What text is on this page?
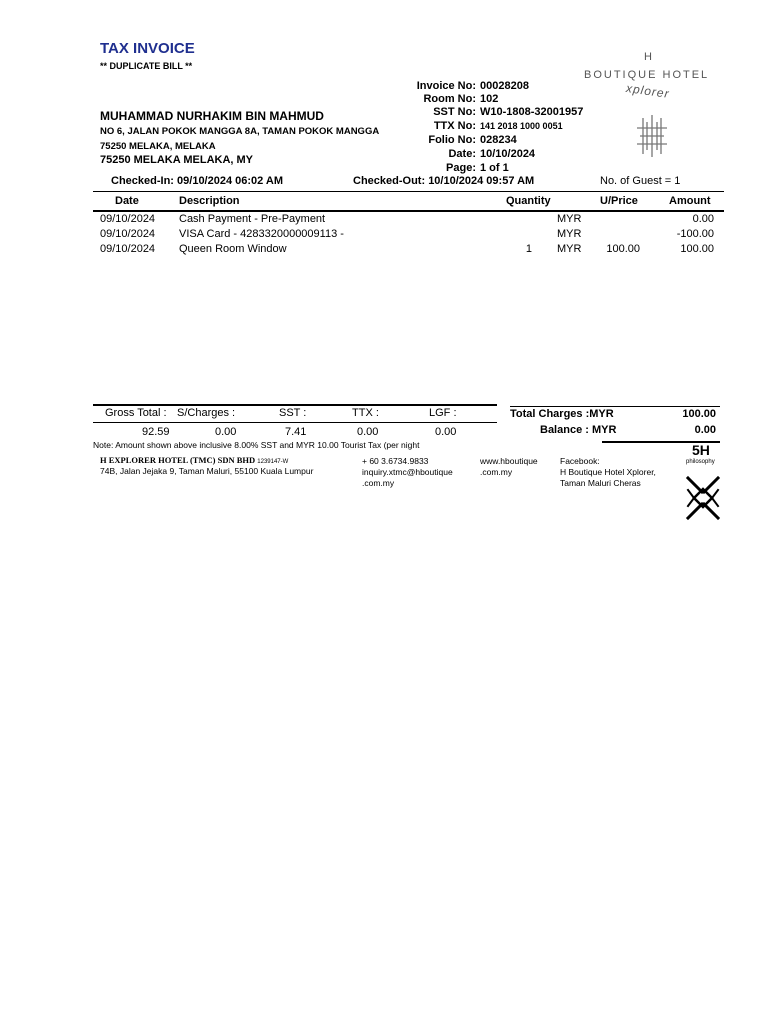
TAX INVOICE
** DUPLICATE BILL **
MUHAMMAD NURHAKIM BIN MAHMUD
NO 6, JALAN POKOK MANGGA 8A, TAMAN POKOK MANGGA
75250 MELAKA, MELAKA
75250 MELAKA MELAKA, MY
Invoice No: 00028208
Room No: 102
SST No: W10-1808-32001957
TTX No: 141 2018 1000 0051
Folio No: 028234
Date: 10/10/2024
Page: 1 of 1
Checked-In: 09/10/2024 06:02 AM	Checked-Out: 10/10/2024 09:57 AM	No. of Guest = 1
Date	Description	Quantity	U/Price	Amount
09/10/2024 Cash Payment - Pre-Payment	MYR	0.00
09/10/2024 VISA Card - 4283320000009113 -	MYR	-100.00
09/10/2024 Queen Room Window	1 MYR	100.00	100.00
Gross Total : S/Charges :	SST :	TTX :	LGF :
92.59	0.00	7.41	0.00	0.00
Total Charges :MYR	100.00
Balance : MYR	0.00
Note: Amount shown above inclusive 8.00% SST and MYR 10.00 Tourist Tax (per night
H EXPLORER HOTEL (TMC) SDN BHD 1239147-W
74B, Jalan Jejaka 9, Taman Maluri, 55100 Kuala Lumpur
+ 60 3.6734.9833
inquiry.xtmc@hboutique
.com.my
www.hboutique
.com.my
Facebook:
H Boutique Hotel Xplorer,
Taman Maluri Cheras
5H
philosophy
H
BOUTIQUE HOTEL
xplorer
